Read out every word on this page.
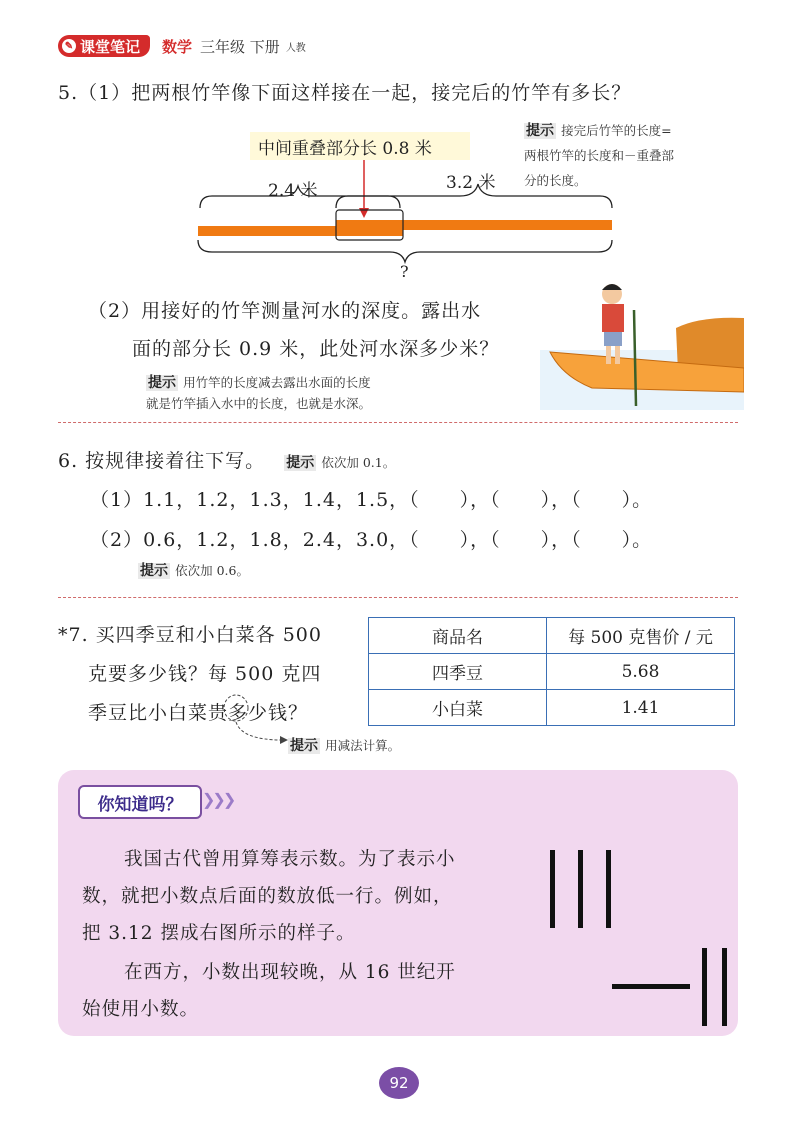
✎ 课堂笔记 数学 三年级 下册 人教
5.（1）把两根竹竿像下面这样接在一起，接完后的竹竿有多长？
中间重叠部分长 0.8 米
2.4 米	3.2 米
?
提示 接完后竹竿的长度=
两根竹竿的长度和－重叠部
分的长度。
（2）用接好的竹竿测量河水的深度。露出水
面的部分长 0.9 米，此处河水深多少米？
提示 用竹竿的长度减去露出水面的长度
就是竹竿插入水中的长度，也就是水深。
6. 按规律接着往下写。 提示 依次加 0.1。
（1）1.1，1.2，1.3，1.4，1.5，（　　），（　　），（　　）。
（2）0.6，1.2，1.8，2.4，3.0，（　　），（　　），（　　）。
提示 依次加 0.6。
*7. 买四季豆和小白菜各 500
克要多少钱？每 500 克四
季豆比小白菜贵多少钱？
提示 用减法计算。
商品名	每 500 克售价 / 元
四季豆	5.68
小白菜	1.41
你知道吗？ ❯❯❯
我国古代曾用算筹表示数。为了表示小
数，就把小数点后面的数放低一行。例如，
把 3.12 摆成右图所示的样子。
在西方，小数出现较晚，从 16 世纪开
始使用小数。
92
